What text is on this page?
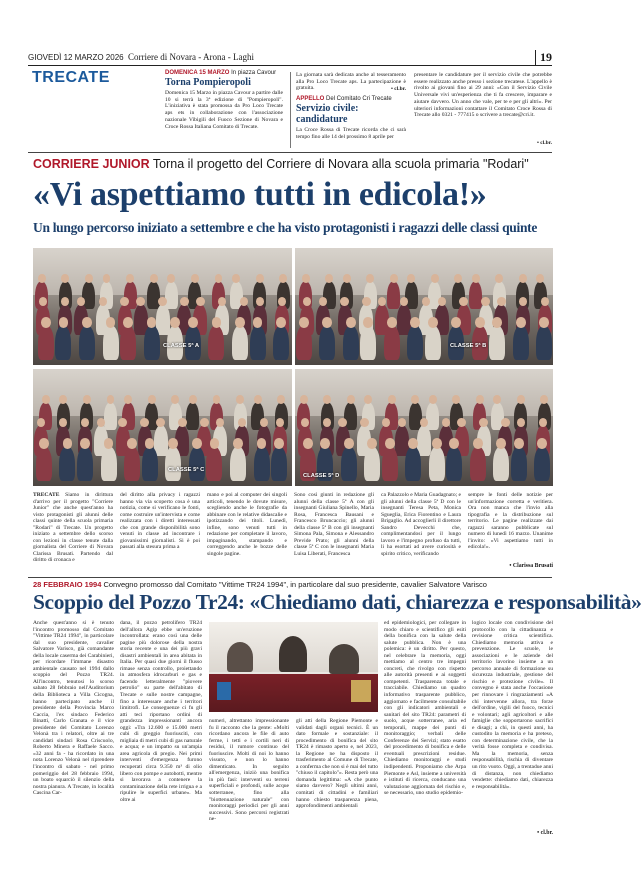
GIOVEDÌ 12 MARZO 2026 Corriere di Novara - Arona - Laghi	19
TRECATE	DOMENICA 15 MARZO In piazza Cavour
Torna Pompieropoli
Domenica 15 Marzo in piazza Cavour a partire dalle 10 si terrà la 3ª edizione di "Pompieropoli". L'iniziativa è stata promossa da Pro Loco Trecate aps ets in collaborazione con l'associazione nazionale Vibigili del Fuoco Sezione di Novara e Croce Rossa Italiana Comitato di Trecate.
La giornata sarà dedicata anche al tesseramento alla Pro Loco Trecate aps. La partecipazione è gratuita.	• cl.br.
APPELLO Del Comitato Cri Trecate
Servizio civile: candidature
La Croce Rossa di Trecate ricorda che ci sarà tempo fino alle 14 del prossimo 8 aprile per
presentare le candidature per il servizio civile che potrebbe essere realizzato anche presso i sezione trecatese. L'appello è rivolto ai giovani fino ai 29 anni: «Con il Servizio Civile Universale vivi un'esperienza che ti fa crescere, imparare e aiutare davvero. Un anno che vale, per te e per gli altri». Per ulteriori informazioni contattare il Comitato Croce Rossa di Trecate allo 0321 - 777415 o scrivere a trecate@cri.it.
• cl.br.
CORRIERE JUNIOR Torna il progetto del Corriere di Novara alla scuola primaria "Rodari"
«Vi aspettiamo tutti in edicola!»
Un lungo percorso iniziato a settembre e che ha visto protagonisti i ragazzi delle classi quinte
CLASSE 5ª A	CLASSE 5ª B
CLASSE 5ª C
CLASSE 5ª D
TRECATE Siamo in dirittura d'arrivo per il progetto "Corriere Junior" che anche quest'anno ha visto protagonisti gli alunni delle classi quinte della scuola primaria "Rodari" di Trecate. Un progetto iniziato a settembre dello scorso con lezioni in classe tenute dalla giornalista del Corriere di Novara Clarissa Brusati. Partendo dal diritto di cronaca e
del diritto alla privacy i ragazzi hanno via via scoperto cosa è una notizia, come si verificano le fonti, come costruire un'intervista e come realizzata con i diretti interessati che con grande disponibilità sono venuti in classe ad incontrare i giovanissimi giornalisti. Si è poi passati alla stesura prima a
mano e poi al computer dei singoli articoli, tenendo le dovute misure, scegliendo anche le fotografie da abbinare con le relative didascalie e ipotizzando dei titoli. Lunedì, infine, sono venuti tutti in redazione per completare il lavoro, impaginando, stampando e correggendo anche le bozze delle singole pagine.
Sono così giunti in redazione gli alunni della classe 5ª A con gli insegnanti Giuliana Spinello, Maria Rosa, Francesca Bausani e Francesco Bruncaccio; gli alunni della classe 5ª B con gli insegnanti Simona Pala, Simona e Alessandro Previde Prato; gli alunni della classe 5ª C con le insegnanti Maria Luisa Liberati, Francesca
ca Palazzolo e Maria Guadagnato; e gli alunni della classe 5ª D con le insegnanti Teresa Peta, Monica Sgueglia, Erica Fiorentino e Laura Brigaglio. Ad accoglierli il direttore Sandro Devecchi che, complimentandosi per il lungo lavoro e l'impegno profuso da tutti, li ha esortati ad avere curiosità e spirito critico, verificando
sempre le fonti delle notizie per un'informazione corretta e veritiera. Ora non manca che l'invio alla tipografia e la distribuzione sul territorio. Le pagine realizzate dai ragazzi saranno pubblicate sul numero di lunedì 16 marzo. Unanime l'invito: «Vi aspettiamo tutti in edicola!».
• Clarissa Brusati
28 FEBBRAIO 1994 Convegno promosso dal Comitato "Vittime TR24 1994", in particolare dal suo presidente, cavalier Salvatore Varisco
Scoppio del Pozzo Tr24: «Chiediamo dati, chiarezza e responsabilità»
Anche quest'anno si è tenuto l'incontro promosso dal Comitato "Vittime TR24 1994", in particolare dal suo presidente, cavalier Salvatore Varisco, già comandante della locale caserma dei Carabinieri, per ricordare l'immane disastro ambientale causato nel 1994 dallo scoppio del Pozzo TR24. All'incontro, tenutosi lo scorso sabato 28 febbraio nell'Auditorium della Biblioteca a Villa Cicogna, hanno partecipato anche il presidente della Provincia Marco Caccia, l'ex sindaco Federico Binatti, Carlo Granata e il vice presidente del Comitato Lorenzo Velonà tra i relatori, oltre ai tre candidati sindaci Rosa Criscuolo, Roberto Minera e Raffaele Sacco. «32 anni fa - ha ricordato in una nota Lorenzo Velonà nel riprendere l'incontro di sabato - nel primo pomeriggio del 28 febbraio 1994, un boato squarciò il silenzio della nostra pianura. A Trecate, in località Cascina Car-
dana, il pozzo petrolifero TR24 dell'allora Agip ebbe un'eruzione incontrollata: erano così una delle pagine più dolorose della nostra storia recente e una dei più gravi disastri ambientali in area abitata in Italia. Per quasi due giorni il flusso rimase senza controllo, proiettando in atmosfera idrocarburi e gas e facendo letteralmente "piovere petrolio" su parte dell'abitato di Trecate e sulle nostre campagne, fino a interessare anche i territori limitrofi. Le conseguenze ci fu gli atti teci riportano ordini di grandezza impressionanti ancora oggi: «Tra 12.600 e 15.000 metri cubi di greggio fuoriusciti, con migliaia di metri cubi di gas naturale e acqua; e un impatto su un'ampia area agricola di pregio. Nei primi interventi d'emergenza furono recuperati circa 9.350 m³ di olio libero con pompe e autobotti, mentre si lavorava a contenere la contaminazione della rete irrigua e a ripulire le superfici urbane». Ma oltre ai
numeri, altrettanto impressionante fu il racconto che la gente: «Molti ricordano ancora le file di auto ferme, i tetti e i cortili neri di residui, il rumore continuo del fuoriuscire. Molti di noi lo hanno vissuto, e non lo hanno dimenticato. In seguito all'emergenza, iniziò una bonifica in più fasi: interventi su terreni superficiali e profondi, sulle acque sotterranee, fino alla "biottenuazione naturale" con monitoraggi periodici per gli anni successivi. Sono percorsi registrati ne-
gli atti della Regione Piemonte e validati dagli organi tecnici. È un dato formale e sostanziale: il procedimento di bonifica del sito TR24 è rimasto aperto e, nel 2023, la Regione ne ha disposto il trasferimento al Comune di Trecate, a conferma che non si è mai del tutto "chiuso il capitolo"». Resta però una domanda legittima: «A che punto siamo davvero? Negli ultimi anni, comitati di cittadini e familiari hanno chiesto trasparenza piena, approfondimenti ambientali
ed epidemiologici, per collegare in modo chiaro e scientifico gli esiti della bonifica con la salute della salute pubblica. Non è una polemica: è un diritto. Per questo, nel celebrare la memoria, oggi mettiamo al centro tre impegni concreti, che rivolgo con rispetto alle autorità presenti e ai soggetti competenti. Trasparenza totale e tracciabile. Chiediamo un quadro informativo trasparente pubblico, aggiornato e facilmente consultabile con gli indicatori ambientali e sanitari del sito TR24: parametri di suolo, acque sotterranee, aria ed temporali, mappe dei punti di monitoraggio; verbali delle Conferenze dei Servizi; stato esatto del procedimento di bonifica e delle eventuali prescrizioni residue. Chiediamo monitoraggi e studi indipendenti. Proponiamo che Arpa Piemonte e Asl, insieme a università e istituti di ricerca, conducano una valutazione aggiornata del rischio e, se necessario, uno studio epidemio-
logico locale con condivisione del protocollo con la cittadinanza e revisione critica scientifica. Chiediamo memoria attiva e prevenzione. Le scuole, le associazioni e le aziende del territorio lavorino insieme a un percorso annuale di formazione su sicurezza industriale, gestione del rischio e protezione civile». Il convegno è stata anche l'occasione per rinnovare i ringraziamenti «A chi intervenne allora, tra forze dell'ordine, vigili del fuoco, tecnici e volontari; agli agricoltori e alle famiglie che sopportarono sacrifici e disagi; a chi, in questi anni, ha custodito la memoria e ha preteso, con determinazione civile, che la verità fosse completa e condivisa. Ma la memoria, senza responsabilità, rischia di diventare un rito vuoto. Oggi, a trentadue anni di distanza, non chiediamo vendette: chiediamo dati, chiarezza e responsabilità».
• cl.br.
